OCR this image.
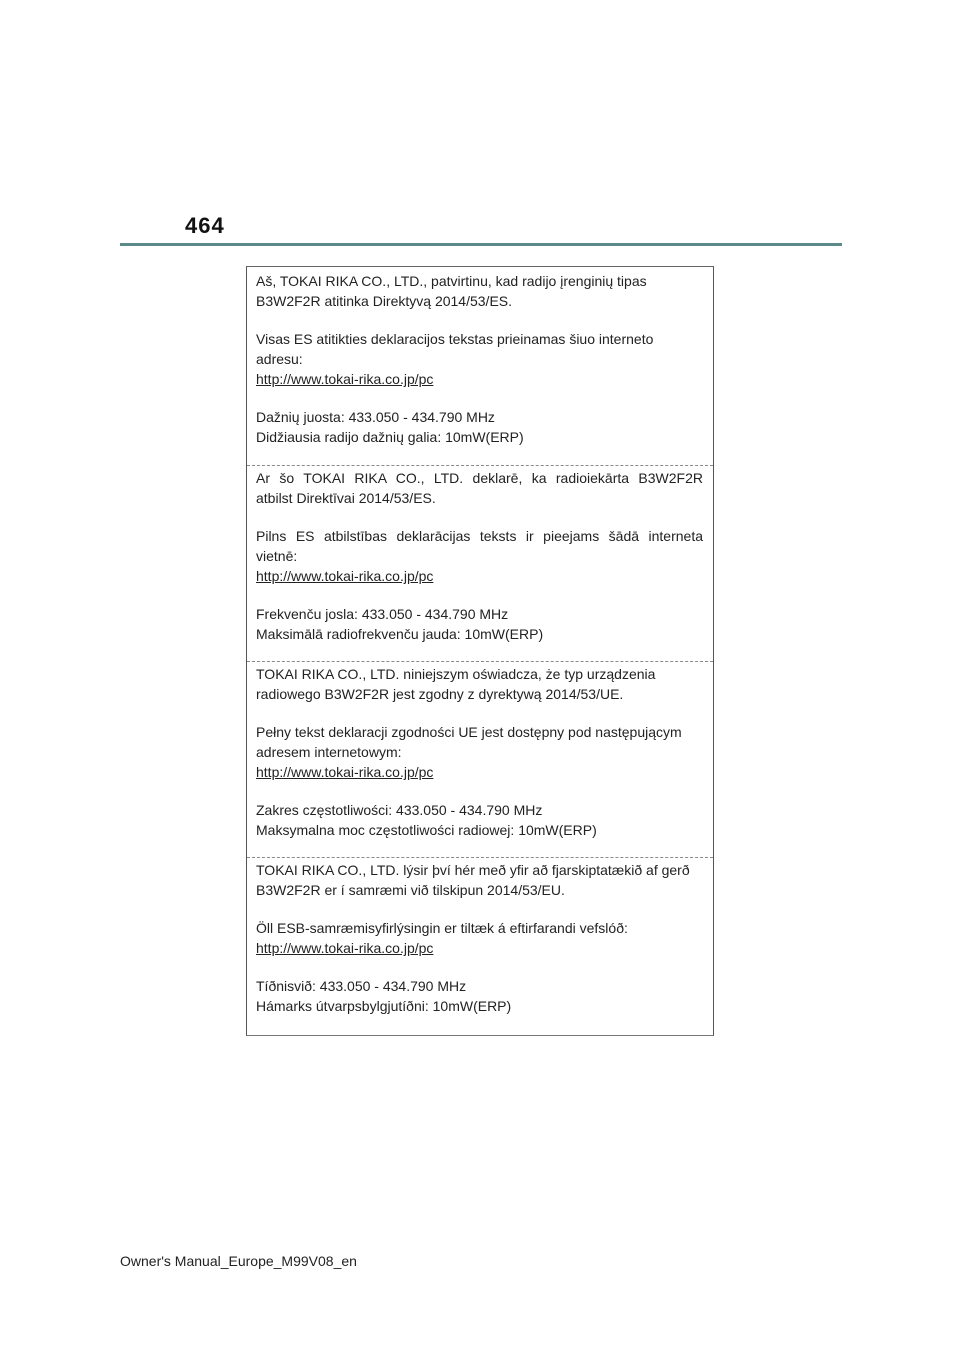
464

Aš, TOKAI RIKA CO., LTD., patvirtinu, kad radijo įrenginių tipas
B3W2F2R atitinka Direktyvą 2014/53/ES.

Visas ES atitikties deklaracijos tekstas prieinamas šiuo interneto
adresu:
http://www.tokai-rika.co.jp/pc

Dažnių juosta: 433.050 - 434.790 MHz
Didžiausia radijo dažnių galia: 10mW(ERP)

Ar šo TOKAI RIKA CO., LTD. deklarē, ka radioiekārta B3W2F2R
atbilst Direktīvai 2014/53/ES.

Pilns ES atbilstības deklarācijas teksts ir pieejams šādā interneta
vietnē:
http://www.tokai-rika.co.jp/pc

Frekvenču josla: 433.050 - 434.790 MHz
Maksimālā radiofrekvenču jauda: 10mW(ERP)

TOKAI RIKA CO., LTD. niniejszym oświadcza, że typ urządzenia
radiowego B3W2F2R jest zgodny z dyrektywą 2014/53/UE.

Pełny tekst deklaracji zgodności UE jest dostępny pod następującym
adresem internetowym:
http://www.tokai-rika.co.jp/pc

Zakres częstotliwości: 433.050 - 434.790 MHz
Maksymalna moc częstotliwości radiowej: 10mW(ERP)

TOKAI RIKA CO., LTD. lýsir því hér með yfir að fjarskiptatækið af gerð
B3W2F2R er í samræmi við tilskipun 2014/53/EU.

Öll ESB-samræmisyfirlýsingin er tiltæk á eftirfarandi vefslóð:
http://www.tokai-rika.co.jp/pc

Tíðnisvið: 433.050 - 434.790 MHz
Hámarks útvarpsbylgjutíðni: 10mW(ERP)

Owner's Manual_Europe_M99V08_en
